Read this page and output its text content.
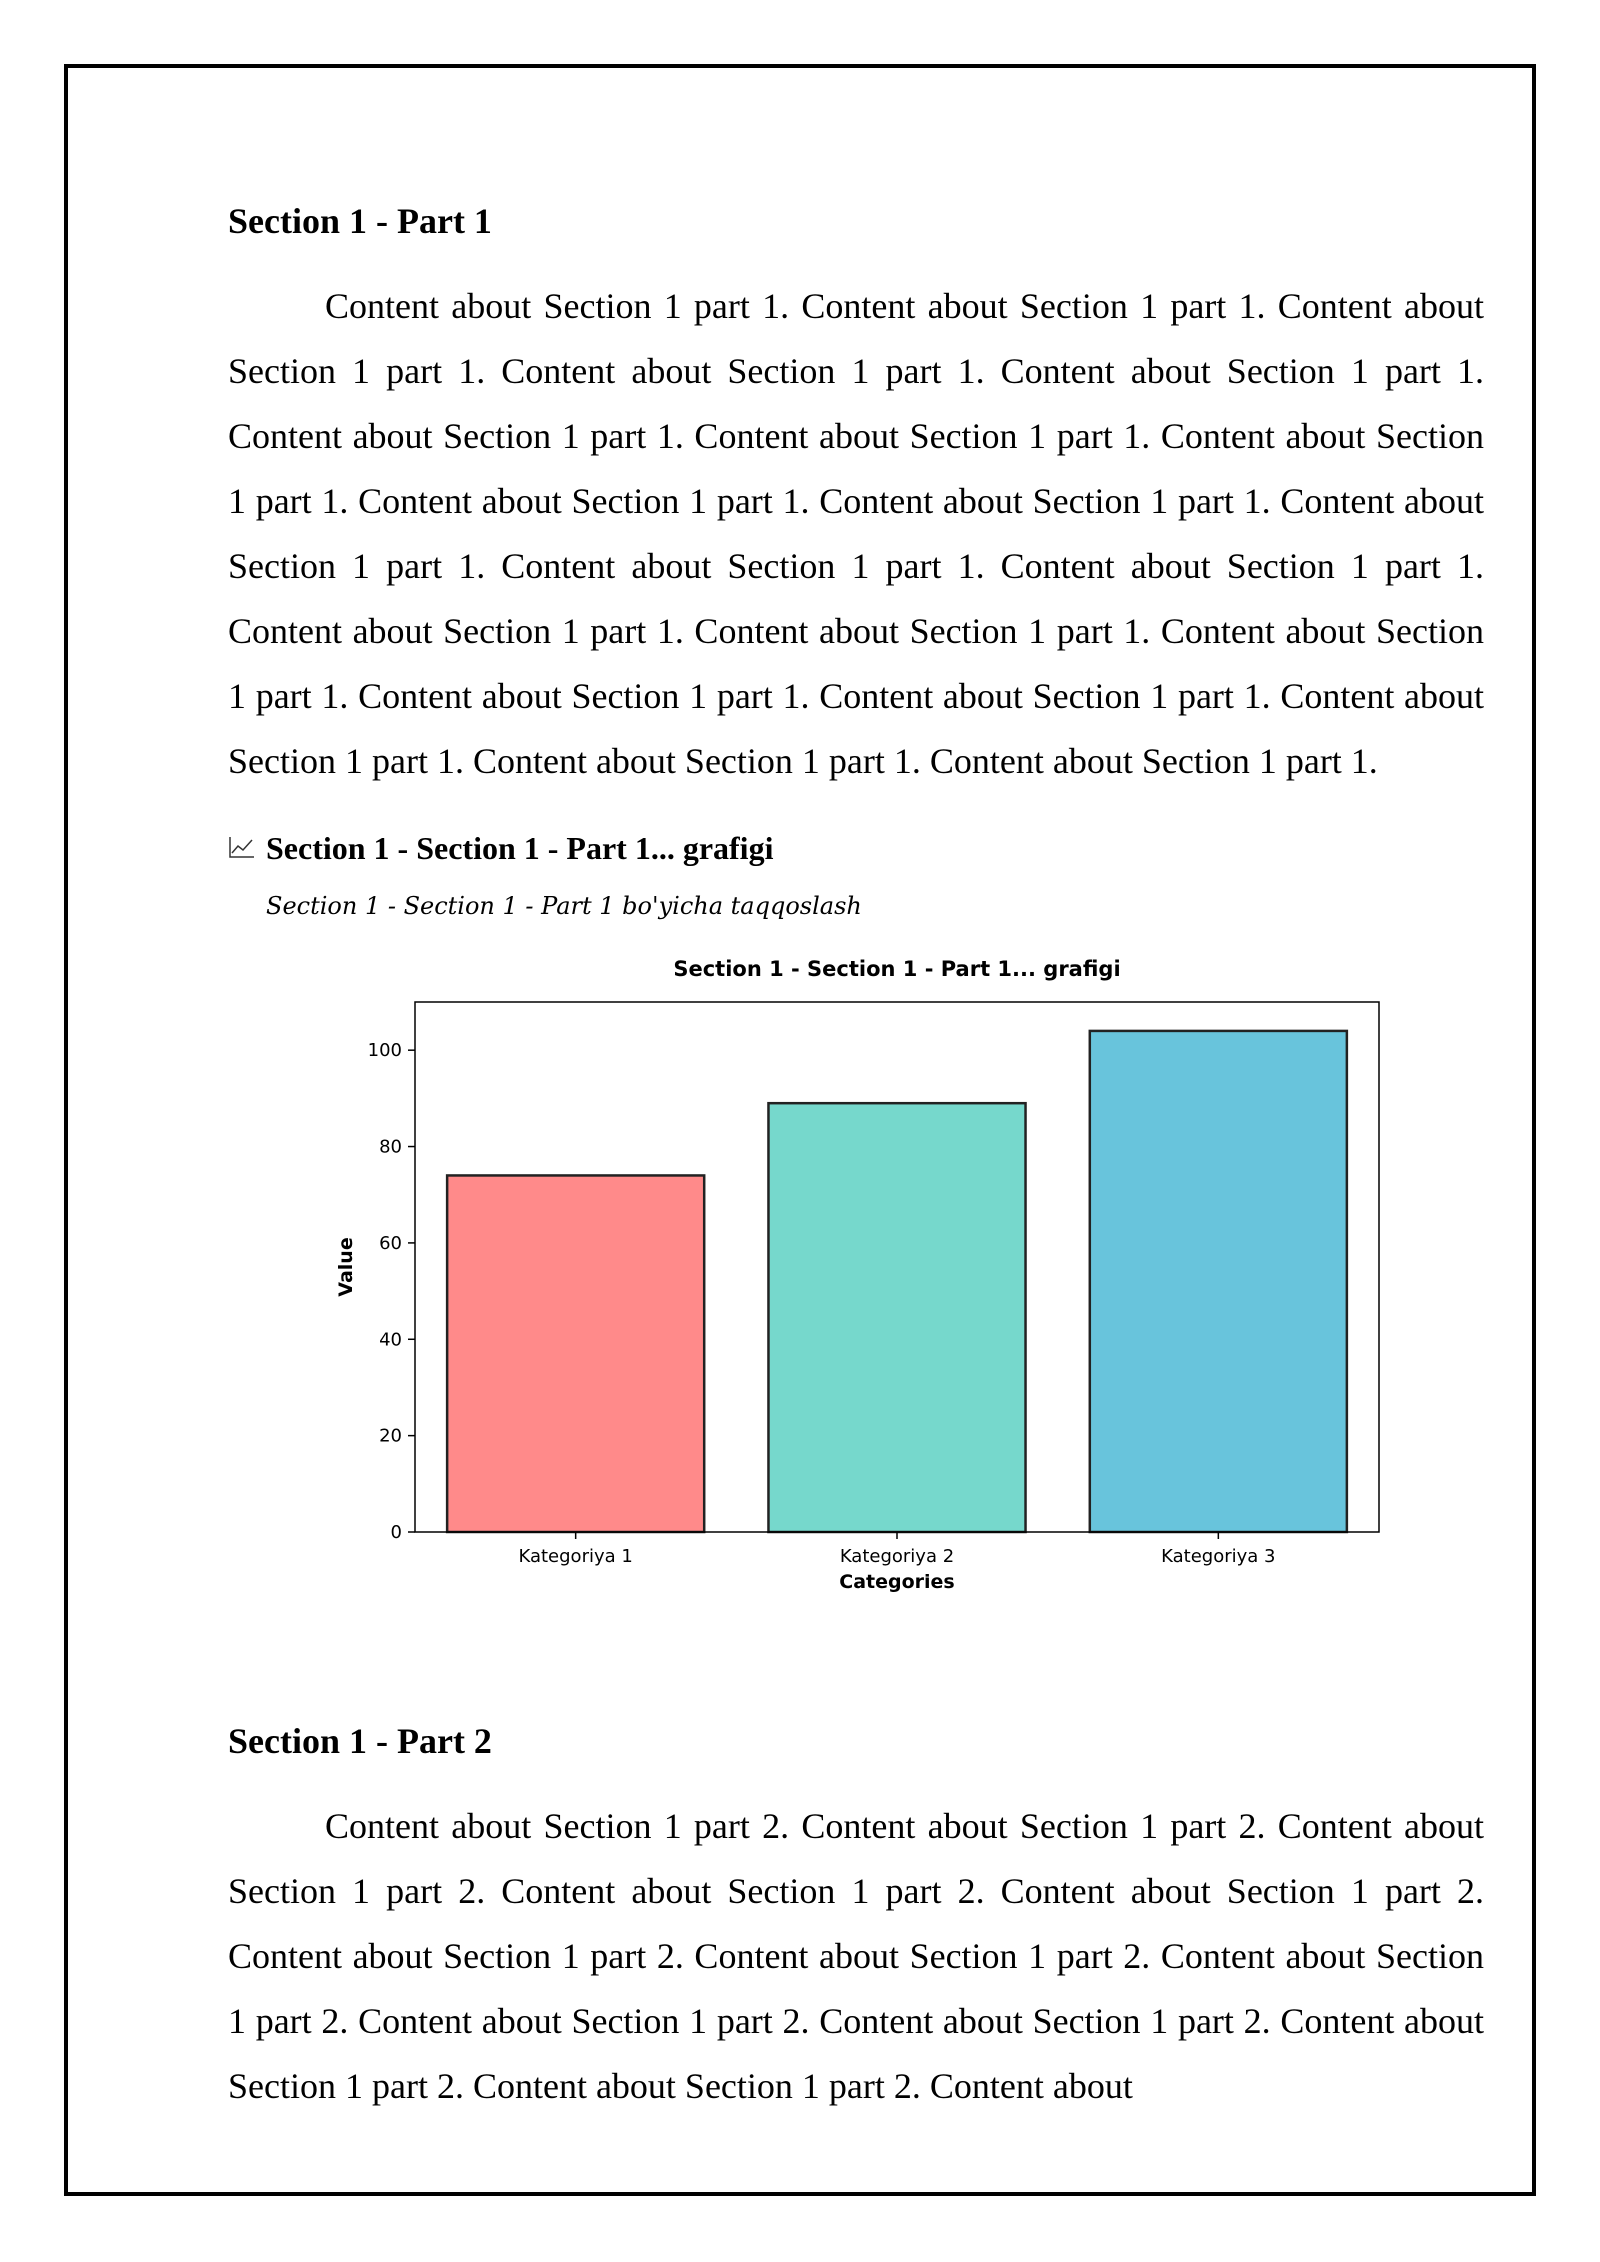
Section 1 - Part 1

Content about Section 1 part 1. Content about Section 1 part 1. Content about Section 1 part 1. Content about Section 1 part 1. Content about Section 1 part 1. Content about Section 1 part 1. Content about Section 1 part 1. Content about Section 1 part 1. Content about Section 1 part 1. Content about Section 1 part 1. Content about Section 1 part 1. Content about Section 1 part 1. Content about Section 1 part 1. Content about Section 1 part 1. Content about Section 1 part 1. Content about Section 1 part 1. Content about Section 1 part 1. Content about Section 1 part 1. Content about Section 1 part 1. Content about Section 1 part 1. Content about Section 1 part 1.

Section 1 - Section 1 - Part 1... grafigi

Section 1 - Section 1 - Part 1 bo'yicha taqqoslash

Section 1 - Section 1 - Part 1... grafigi
Kategoriya 1	Kategoriya 2	Kategoriya 3
0
20
40
60
80
100
Categories
Value
Section 1 - Part 2

Content about Section 1 part 2. Content about Section 1 part 2. Content about Section 1 part 2. Content about Section 1 part 2. Content about Section 1 part 2. Content about Section 1 part 2. Content about Section 1 part 2. Content about Section 1 part 2. Content about Section 1 part 2. Content about Section 1 part 2. Content about Section 1 part 2. Content about Section 1 part 2. Content about
